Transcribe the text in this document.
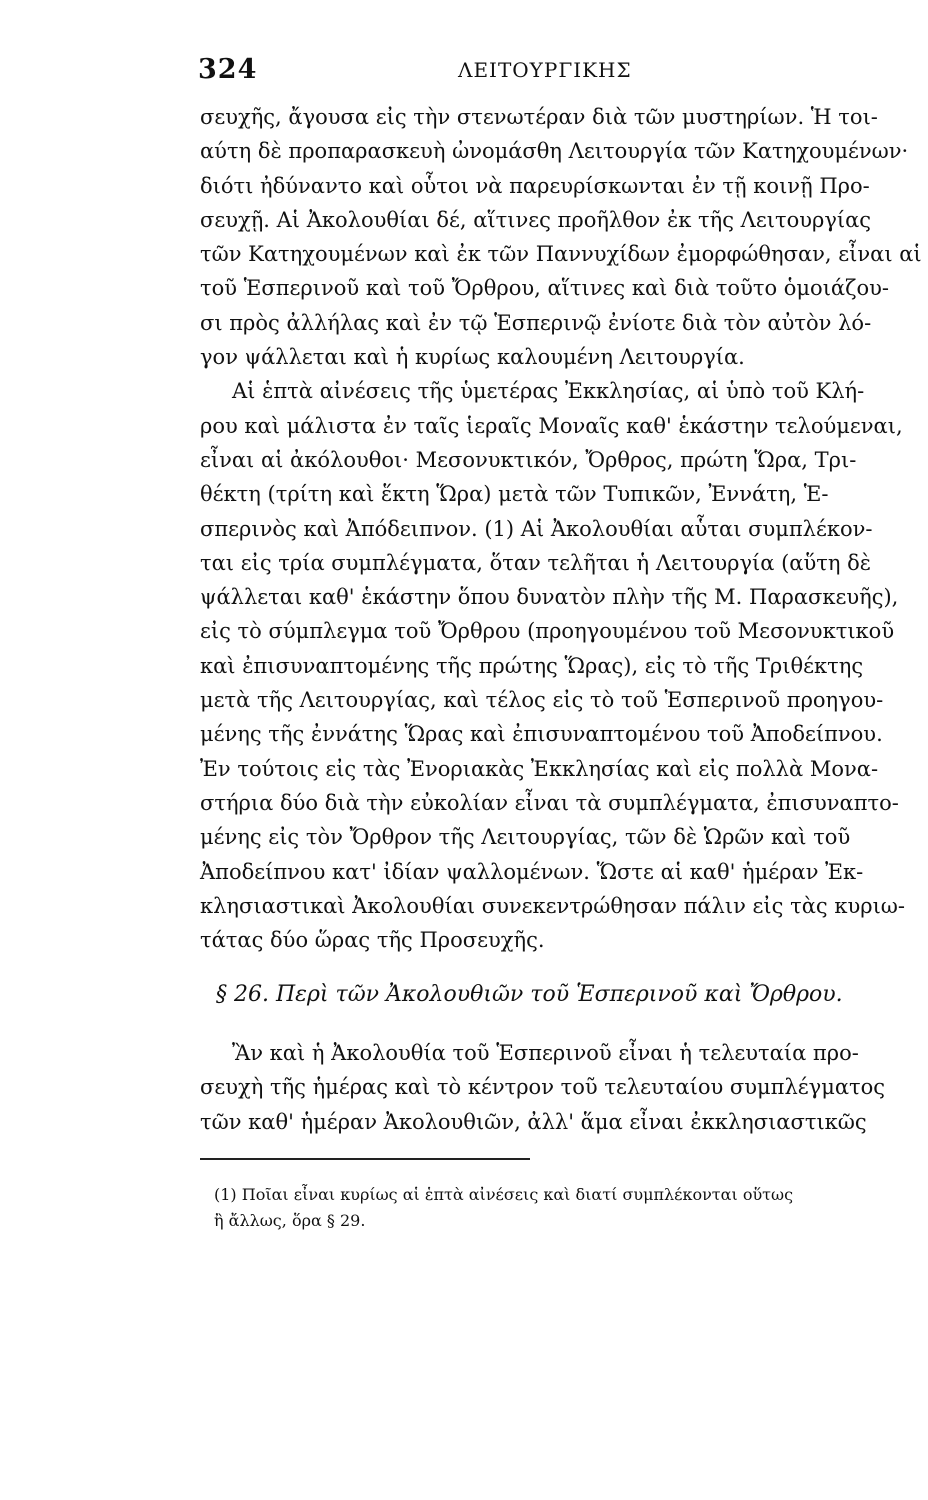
324	ΛΕΙΤΟΥΡΓΙΚΗΣ
σευχῆς, ἄγουσα εἰς τὴν στενωτέραν διὰ τῶν μυστηρίων. Ἡ τοι-
αύτη δὲ προπαρασκευὴ ὠνομάσθη Λειτουργία τῶν Κατηχουμένων·
διότι ἠδύναντο καὶ οὗτοι νὰ παρευρίσκωνται ἐν τῇ κοινῇ Προ-
σευχῇ. Αἱ Ἀκολουθίαι δέ, αἵτινες προῆλθον ἐκ τῆς Λειτουργίας
τῶν Κατηχουμένων καὶ ἐκ τῶν Παννυχίδων ἐμορφώθησαν, εἶναι αἱ
τοῦ Ἑσπερινοῦ καὶ τοῦ Ὄρθρου, αἵτινες καὶ διὰ τοῦτο ὁμοιάζου-
σι πρὸς ἀλλήλας καὶ ἐν τῷ Ἑσπερινῷ ἐνίοτε διὰ τὸν αὐτὸν λό-
γον ψάλλεται καὶ ἡ κυρίως καλουμένη Λειτουργία.
Αἱ ἑπτὰ αἰνέσεις τῆς ὑμετέρας Ἐκκλησίας, αἱ ὑπὸ τοῦ Κλή-
ρου καὶ μάλιστα ἐν ταῖς ἱεραῖς Μοναῖς καθ' ἑκάστην τελούμεναι,
εἶναι αἱ ἀκόλουθοι· Μεσονυκτικόν, Ὄρθρος, πρώτη Ὥρα, Τρι-
θέκτη (τρίτη καὶ ἕκτη Ὥρα) μετὰ τῶν Τυπικῶν, Ἐννάτη, Ἑ-
σπερινὸς καὶ Ἀπόδειπνον. (1) Αἱ Ἀκολουθίαι αὗται συμπλέκον-
ται εἰς τρία συμπλέγματα, ὅταν τελῆται ἡ Λειτουργία (αὕτη δὲ
ψάλλεται καθ' ἑκάστην ὅπου δυνατὸν πλὴν τῆς Μ. Παρασκευῆς),
εἰς τὸ σύμπλεγμα τοῦ Ὄρθρου (προηγουμένου τοῦ Μεσονυκτικοῦ
καὶ ἐπισυναπτομένης τῆς πρώτης Ὥρας), εἰς τὸ τῆς Τριθέκτης
μετὰ τῆς Λειτουργίας, καὶ τέλος εἰς τὸ τοῦ Ἑσπερινοῦ προηγου-
μένης τῆς ἐννάτης Ὥρας καὶ ἐπισυναπτομένου τοῦ Ἀποδείπνου.
Ἐν τούτοις εἰς τὰς Ἐνοριακὰς Ἐκκλησίας καὶ εἰς πολλὰ Μονα-
στήρια δύο διὰ τὴν εὐκολίαν εἶναι τὰ συμπλέγματα, ἐπισυναπτο-
μένης εἰς τὸν Ὄρθρον τῆς Λειτουργίας, τῶν δὲ Ὡρῶν καὶ τοῦ
Ἀποδείπνου κατ' ἰδίαν ψαλλομένων. Ὥστε αἱ καθ' ἡμέραν Ἐκ-
κλησιαστικαὶ Ἀκολουθίαι συνεκεντρώθησαν πάλιν εἰς τὰς κυριω-
τάτας δύο ὥρας τῆς Προσευχῆς.
§ 26. Περὶ τῶν Ἀκολουθιῶν τοῦ Ἑσπερινοῦ καὶ Ὄρθρου.
Ἂν καὶ ἡ Ἀκολουθία τοῦ Ἑσπερινοῦ εἶναι ἡ τελευταία προ-
σευχὴ τῆς ἡμέρας καὶ τὸ κέντρον τοῦ τελευταίου συμπλέγματος
τῶν καθ' ἡμέραν Ἀκολουθιῶν, ἀλλ' ἅμα εἶναι ἐκκλησιαστικῶς
(1) Ποῖαι εἶναι κυρίως αἱ ἑπτὰ αἰνέσεις καὶ διατί συμπλέκονται οὕτως
ἢ ἄλλως, ὅρα § 29.
